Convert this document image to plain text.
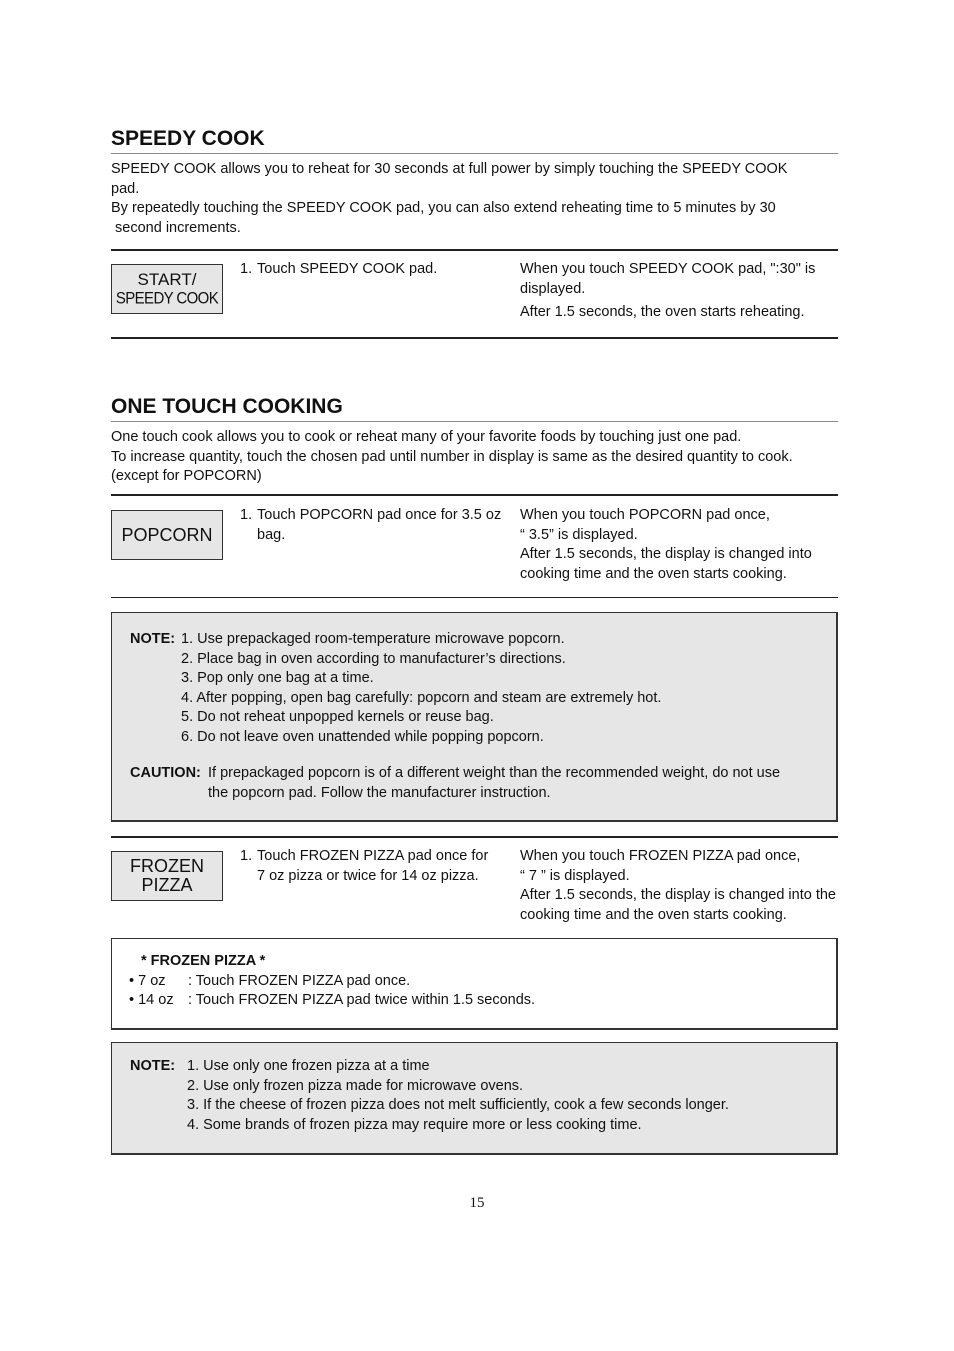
SPEEDY COOK
SPEEDY COOK allows you to reheat for 30 seconds at full power by simply touching the SPEEDY COOK
pad.
By repeatedly touching the SPEEDY COOK pad, you can also extend reheating time to 5 minutes by 30
second increments.
START/
SPEEDY COOK
1. Touch SPEEDY COOK pad.	When you touch SPEEDY COOK pad, ":30" is displayed.

After 1.5 seconds, the oven starts reheating.

ONE TOUCH COOKING
One touch cook allows you to cook or reheat many of your favorite foods by touching just one pad.
To increase quantity, touch the chosen pad until number in display is same as the desired quantity to cook.
(except for POPCORN)
POPCORN
1. Touch POPCORN pad once for 3.5 oz bag.

When you touch POPCORN pad once,

“ 3.5” is displayed.

After 1.5 seconds, the display is changed into cooking time and the oven starts cooking.

NOTE: 1. Use prepackaged room-temperature microwave popcorn.
2. Place bag in oven according to manufacturer’s directions.
3. Pop only one bag at a time.
4. After popping, open bag carefully: popcorn and steam are extremely hot.
5. Do not reheat unpopped kernels or reuse bag.
6. Do not leave oven unattended while popping popcorn.
CAUTION: If prepackaged popcorn is of a different weight than the recommended weight, do not use
the popcorn pad. Follow the manufacturer instruction.
FROZEN
PIZZA
1. Touch FROZEN PIZZA pad once for 7 oz pizza or twice for 14 oz pizza.

When you touch FROZEN PIZZA pad once,

“ 7 ” is displayed.

After 1.5 seconds, the display is changed into the cooking time and the oven starts cooking.

* FROZEN PIZZA *
• 7 oz : Touch FROZEN PIZZA pad once.
• 14 oz : Touch FROZEN PIZZA pad twice within 1.5 seconds.
NOTE: 1. Use only one frozen pizza at a time
2. Use only frozen pizza made for microwave ovens.
3. If the cheese of frozen pizza does not melt sufficiently, cook a few seconds longer.
4. Some brands of frozen pizza may require more or less cooking time.
15
